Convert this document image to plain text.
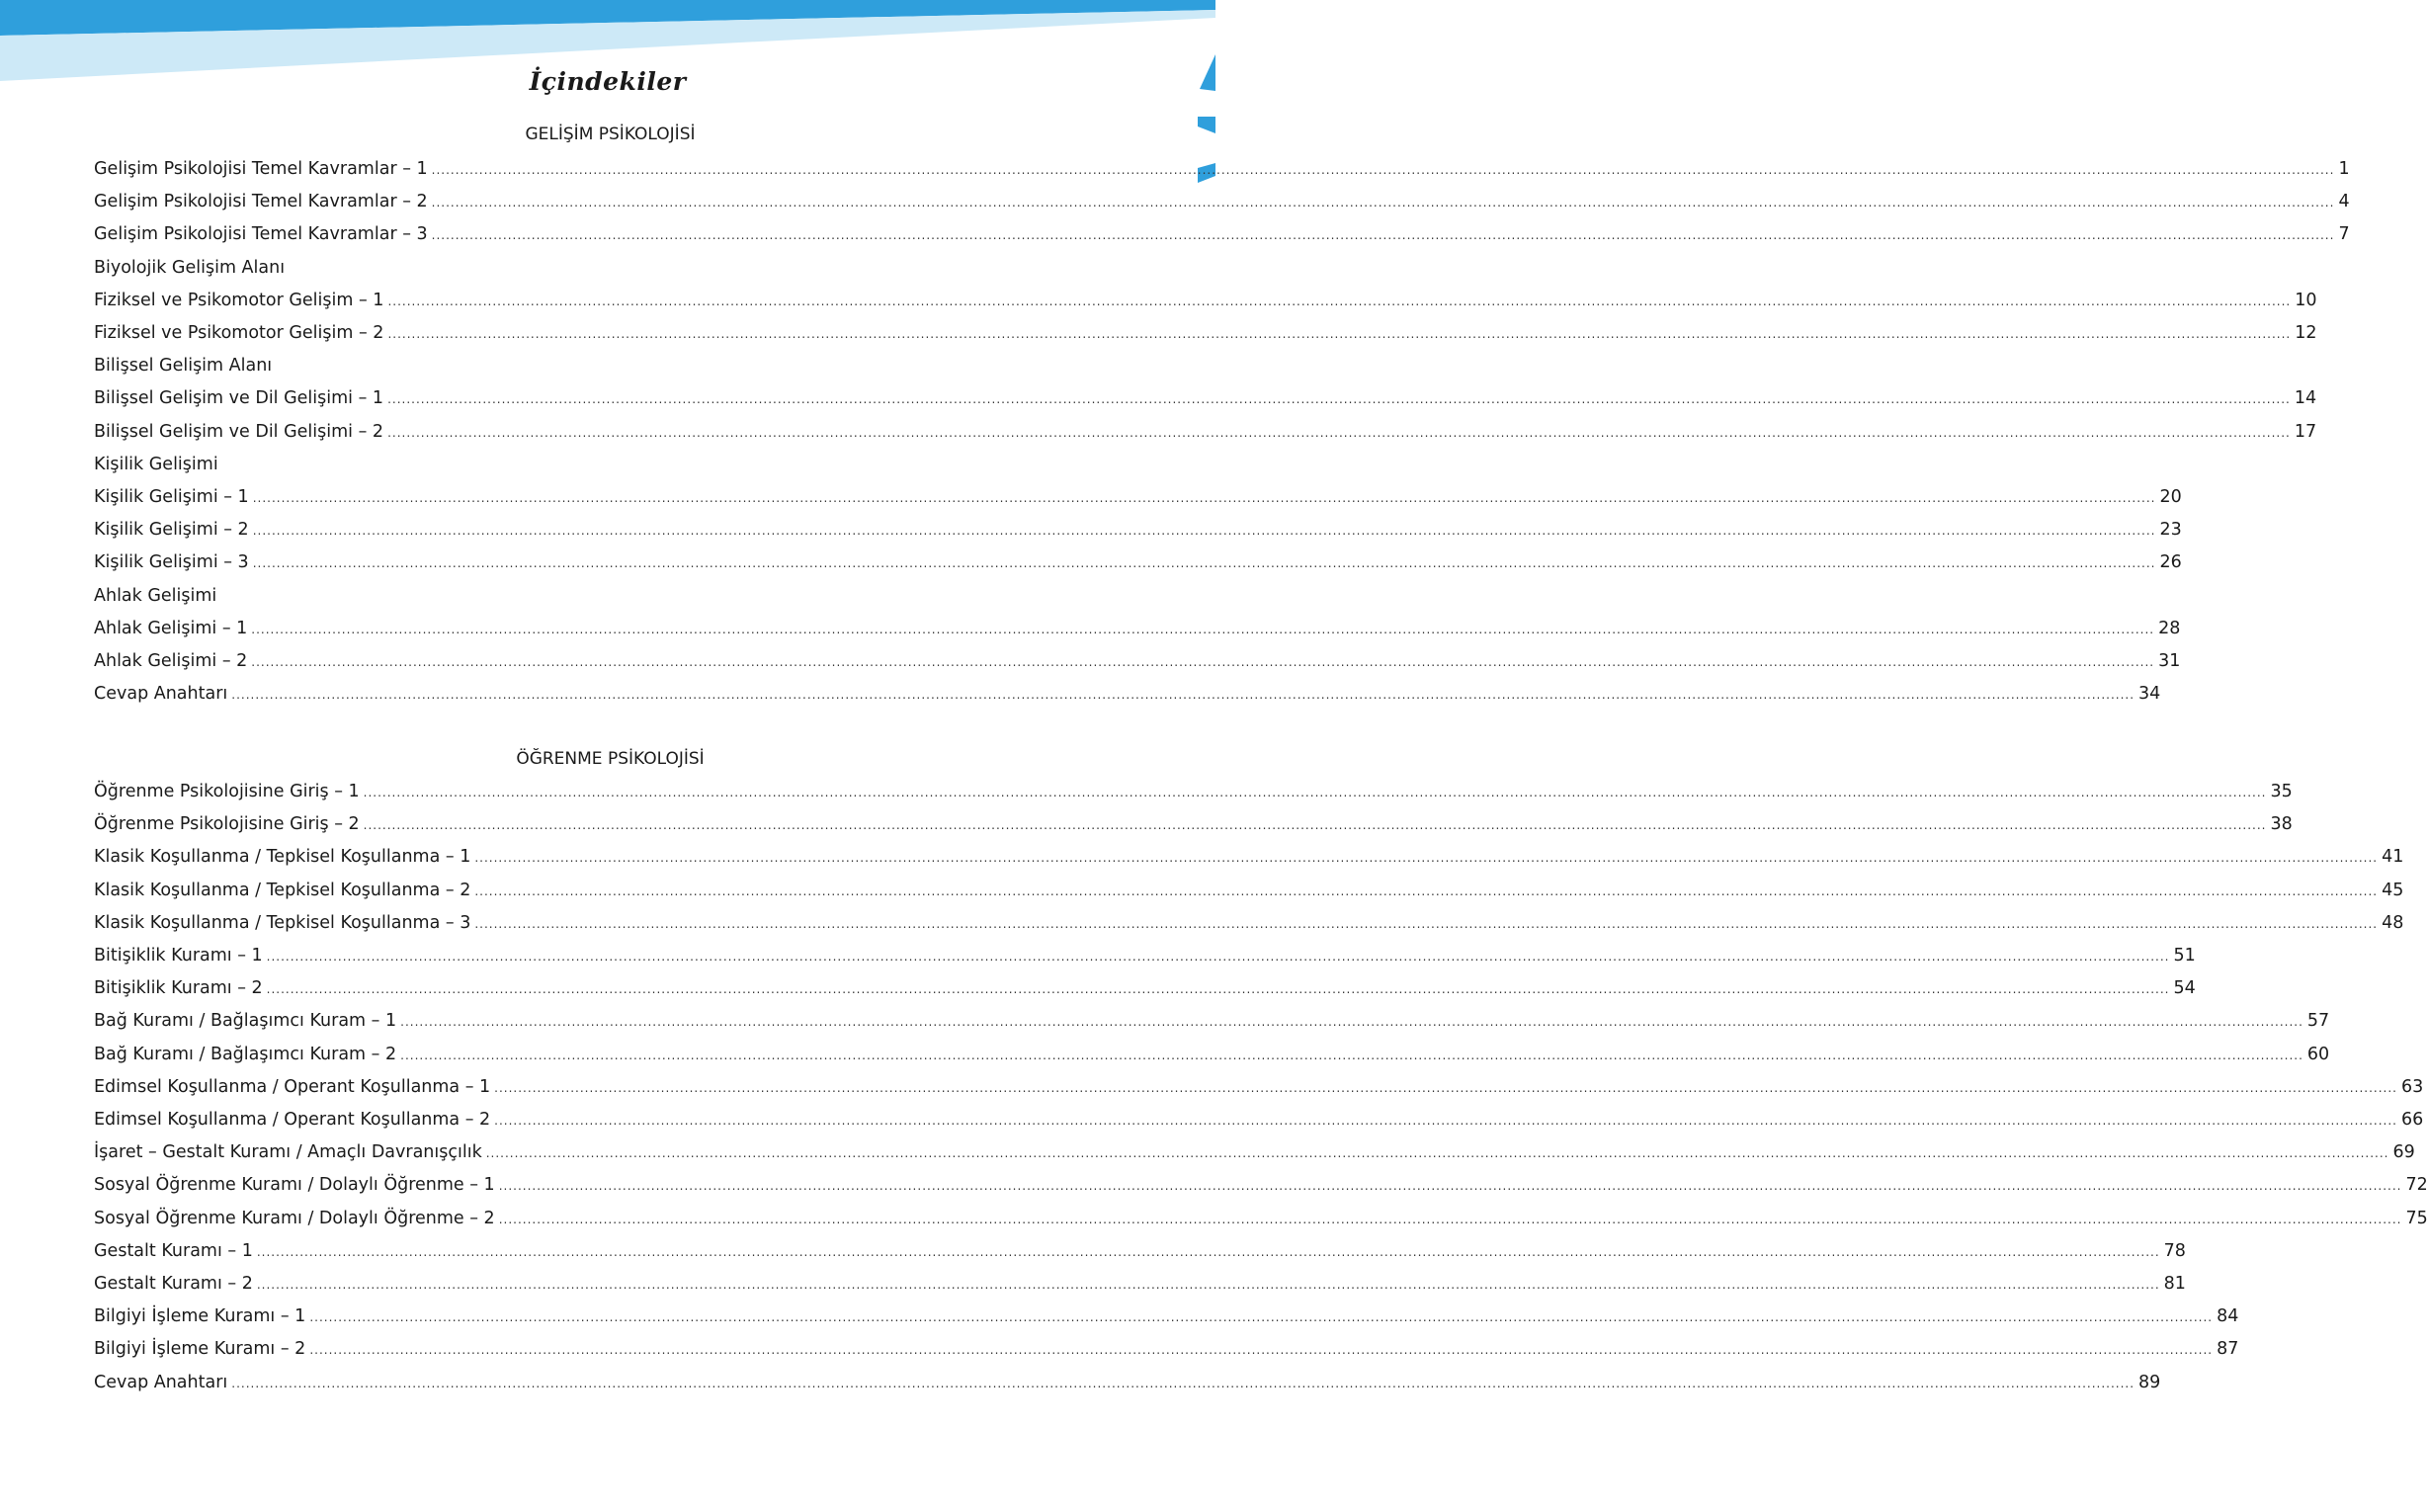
İçindekiler
GELİŞİM PSİKOLOJİSİ
Gelişim Psikolojisi Temel Kavramlar – 1 ................................................................................................................................................................................................................................................................................................................................................................................................................ 1
Gelişim Psikolojisi Temel Kavramlar – 2 ................................................................................................................................................................................................................................................................................................................................................................................................................ 4
Gelişim Psikolojisi Temel Kavramlar – 3 ................................................................................................................................................................................................................................................................................................................................................................................................................ 7
Biyolojik Gelişim Alanı
Fiziksel ve Psikomotor Gelişim – 1 ................................................................................................................................................................................................................................................................................................................................................................................................................ 10
Fiziksel ve Psikomotor Gelişim – 2 ................................................................................................................................................................................................................................................................................................................................................................................................................ 12
Bilişsel Gelişim Alanı
Bilişsel Gelişim ve Dil Gelişimi – 1 ................................................................................................................................................................................................................................................................................................................................................................................................................ 14
Bilişsel Gelişim ve Dil Gelişimi – 2 ................................................................................................................................................................................................................................................................................................................................................................................................................ 17
Kişilik Gelişimi
Kişilik Gelişimi – 1 ................................................................................................................................................................................................................................................................................................................................................................................................................ 20
Kişilik Gelişimi – 2 ................................................................................................................................................................................................................................................................................................................................................................................................................ 23
Kişilik Gelişimi – 3 ................................................................................................................................................................................................................................................................................................................................................................................................................ 26
Ahlak Gelişimi
Ahlak Gelişimi – 1 ................................................................................................................................................................................................................................................................................................................................................................................................................ 28
Ahlak Gelişimi – 2 ................................................................................................................................................................................................................................................................................................................................................................................................................ 31
Cevap Anahtarı ................................................................................................................................................................................................................................................................................................................................................................................................................ 34
ÖĞRENME PSİKOLOJİSİ
Öğrenme Psikolojisine Giriş – 1 ................................................................................................................................................................................................................................................................................................................................................................................................................ 35
Öğrenme Psikolojisine Giriş – 2 ................................................................................................................................................................................................................................................................................................................................................................................................................ 38
Klasik Koşullanma / Tepkisel Koşullanma – 1 ................................................................................................................................................................................................................................................................................................................................................................................................................ 41
Klasik Koşullanma / Tepkisel Koşullanma – 2 ................................................................................................................................................................................................................................................................................................................................................................................................................ 45
Klasik Koşullanma / Tepkisel Koşullanma – 3 ................................................................................................................................................................................................................................................................................................................................................................................................................ 48
Bitişiklik Kuramı – 1 ................................................................................................................................................................................................................................................................................................................................................................................................................ 51
Bitişiklik Kuramı – 2 ................................................................................................................................................................................................................................................................................................................................................................................................................ 54
Bağ Kuramı / Bağlaşımcı Kuram – 1 ................................................................................................................................................................................................................................................................................................................................................................................................................ 57
Bağ Kuramı / Bağlaşımcı Kuram – 2 ................................................................................................................................................................................................................................................................................................................................................................................................................ 60
Edimsel Koşullanma / Operant Koşullanma – 1 ................................................................................................................................................................................................................................................................................................................................................................................................................ 63
Edimsel Koşullanma / Operant Koşullanma – 2 ................................................................................................................................................................................................................................................................................................................................................................................................................ 66
İşaret – Gestalt Kuramı / Amaçlı Davranışçılık ................................................................................................................................................................................................................................................................................................................................................................................................................ 69
Sosyal Öğrenme Kuramı / Dolaylı Öğrenme – 1 ................................................................................................................................................................................................................................................................................................................................................................................................................ 72
Sosyal Öğrenme Kuramı / Dolaylı Öğrenme – 2 ................................................................................................................................................................................................................................................................................................................................................................................................................ 75
Gestalt Kuramı – 1 ................................................................................................................................................................................................................................................................................................................................................................................................................ 78
Gestalt Kuramı – 2 ................................................................................................................................................................................................................................................................................................................................................................................................................ 81
Bilgiyi İşleme Kuramı – 1 ................................................................................................................................................................................................................................................................................................................................................................................................................ 84
Bilgiyi İşleme Kuramı – 2 ................................................................................................................................................................................................................................................................................................................................................................................................................ 87
Cevap Anahtarı ................................................................................................................................................................................................................................................................................................................................................................................................................ 89
